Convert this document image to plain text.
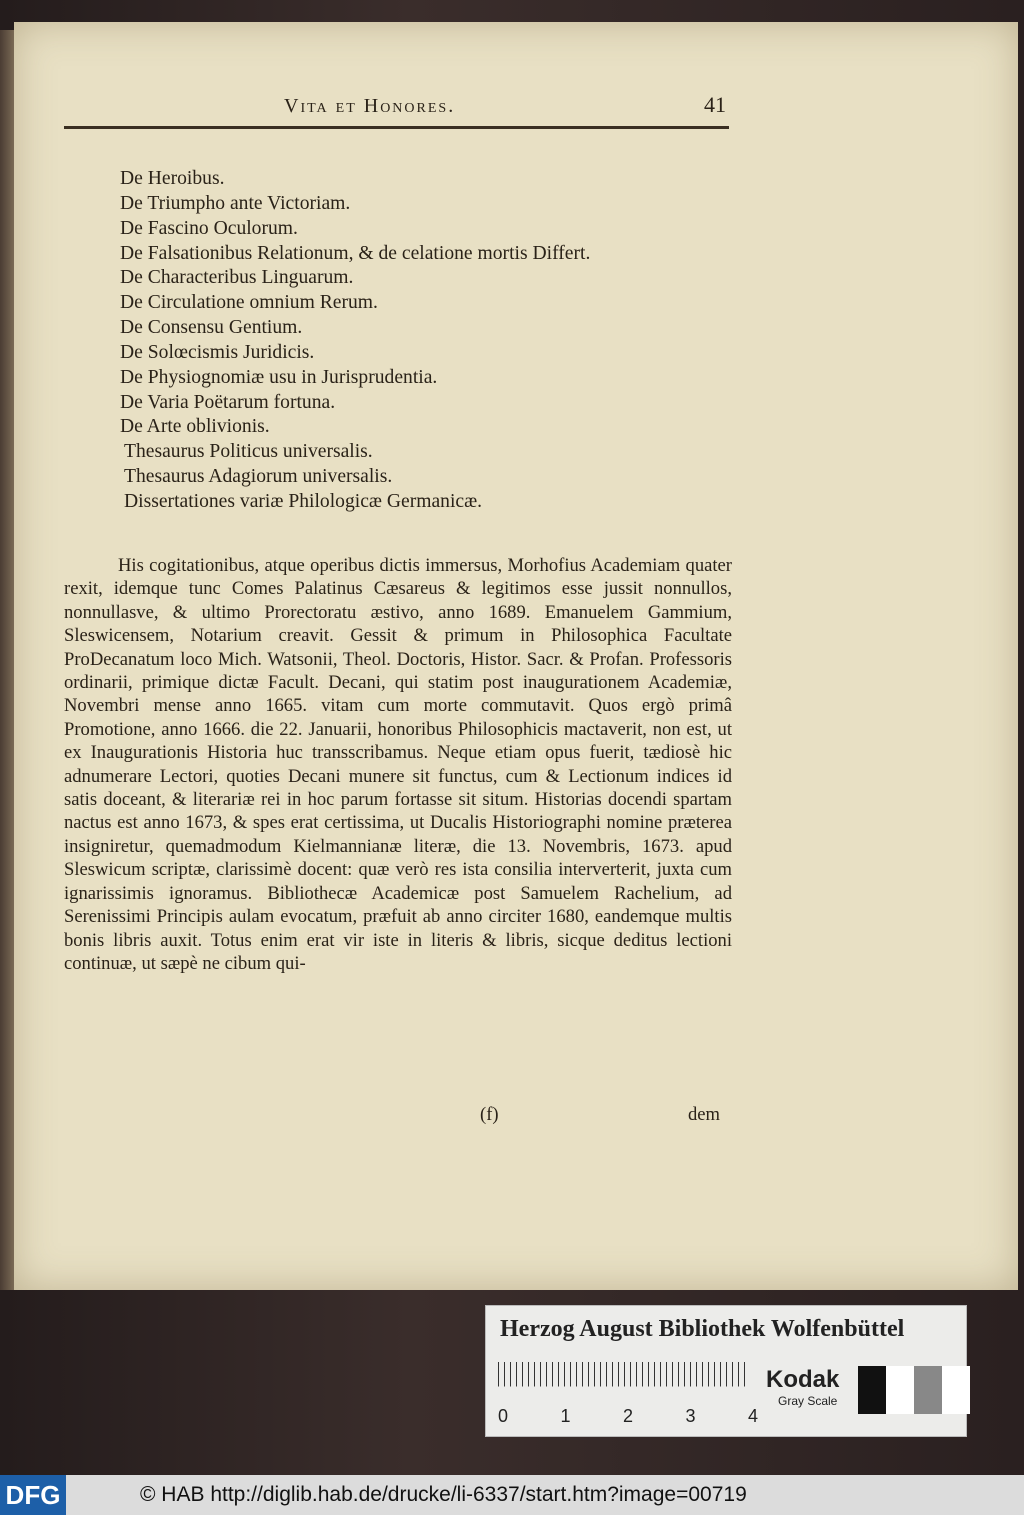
Vita et Honores.	41
De Heroibus.
De Triumpho ante Victoriam.
De Fascino Oculorum.
De Falsationibus Relationum, & de celatione mortis Differt.
De Characteribus Linguarum.
De Circulatione omnium Rerum.
De Consensu Gentium.
De Solœcismis Juridicis.
De Physiognomiæ usu in Jurisprudentia.
De Varia Poëtarum fortuna.
De Arte oblivionis.
Thesaurus Politicus universalis.
Thesaurus Adagiorum universalis.
Dissertationes variæ Philologicæ Germanicæ.

His cogitationibus, atque operibus dictis immersus, Morhofius Academiam quater rexit, idemque tunc Comes Palatinus Cæsareus & legitimos esse jussit nonnullos, nonnullasve, & ultimo Prorectoratu æstivo, anno 1689. Emanuelem Gammium, Sleswicensem, Notarium creavit. Gessit & primum in Philosophica Facultate ProDecanatum loco Mich. Watsonii, Theol. Doctoris, Histor. Sacr. & Profan. Professoris ordinarii, primique dictæ Facult. Decani, qui statim post inaugurationem Academiæ, Novembri mense anno 1665. vitam cum morte commutavit. Quos ergò primâ Promotione, anno 1666. die 22. Januarii, honoribus Philosophicis mactaverit, non est, ut ex Inaugurationis Historia huc transscribamus. Neque etiam opus fuerit, tædiosè hic adnumerare Lectori, quoties Decani munere sit functus, cum & Lectionum indices id satis doceant, & literariæ rei in hoc parum fortasse sit situm. Historias docendi spartam nactus est anno 1673, & spes erat certissima, ut Ducalis Historiographi nomine præterea insigniretur, quemadmodum Kielmannianæ literæ, die 13. Novembris, 1673. apud Sleswicum scriptæ, clarissimè docent: quæ verò res ista consilia interverterit, juxta cum ignarissimis ignoramus. Bibliothecæ Academicæ post Samuelem Rachelium, ad Serenissimi Principis aulam evocatum, præfuit ab anno circiter 1680, eandemque multis bonis libris auxit. Totus enim erat vir iste in literis & libris, sicque deditus lectioni continuæ, ut sæpè ne cibum qui-

(f)	dem
Herzog August Bibliothek Wolfenbüttel
0	1	2	3	4
Kodak
Gray Scale
DFG	© HAB http://diglib.hab.de/drucke/li-6337/start.htm?image=00719
